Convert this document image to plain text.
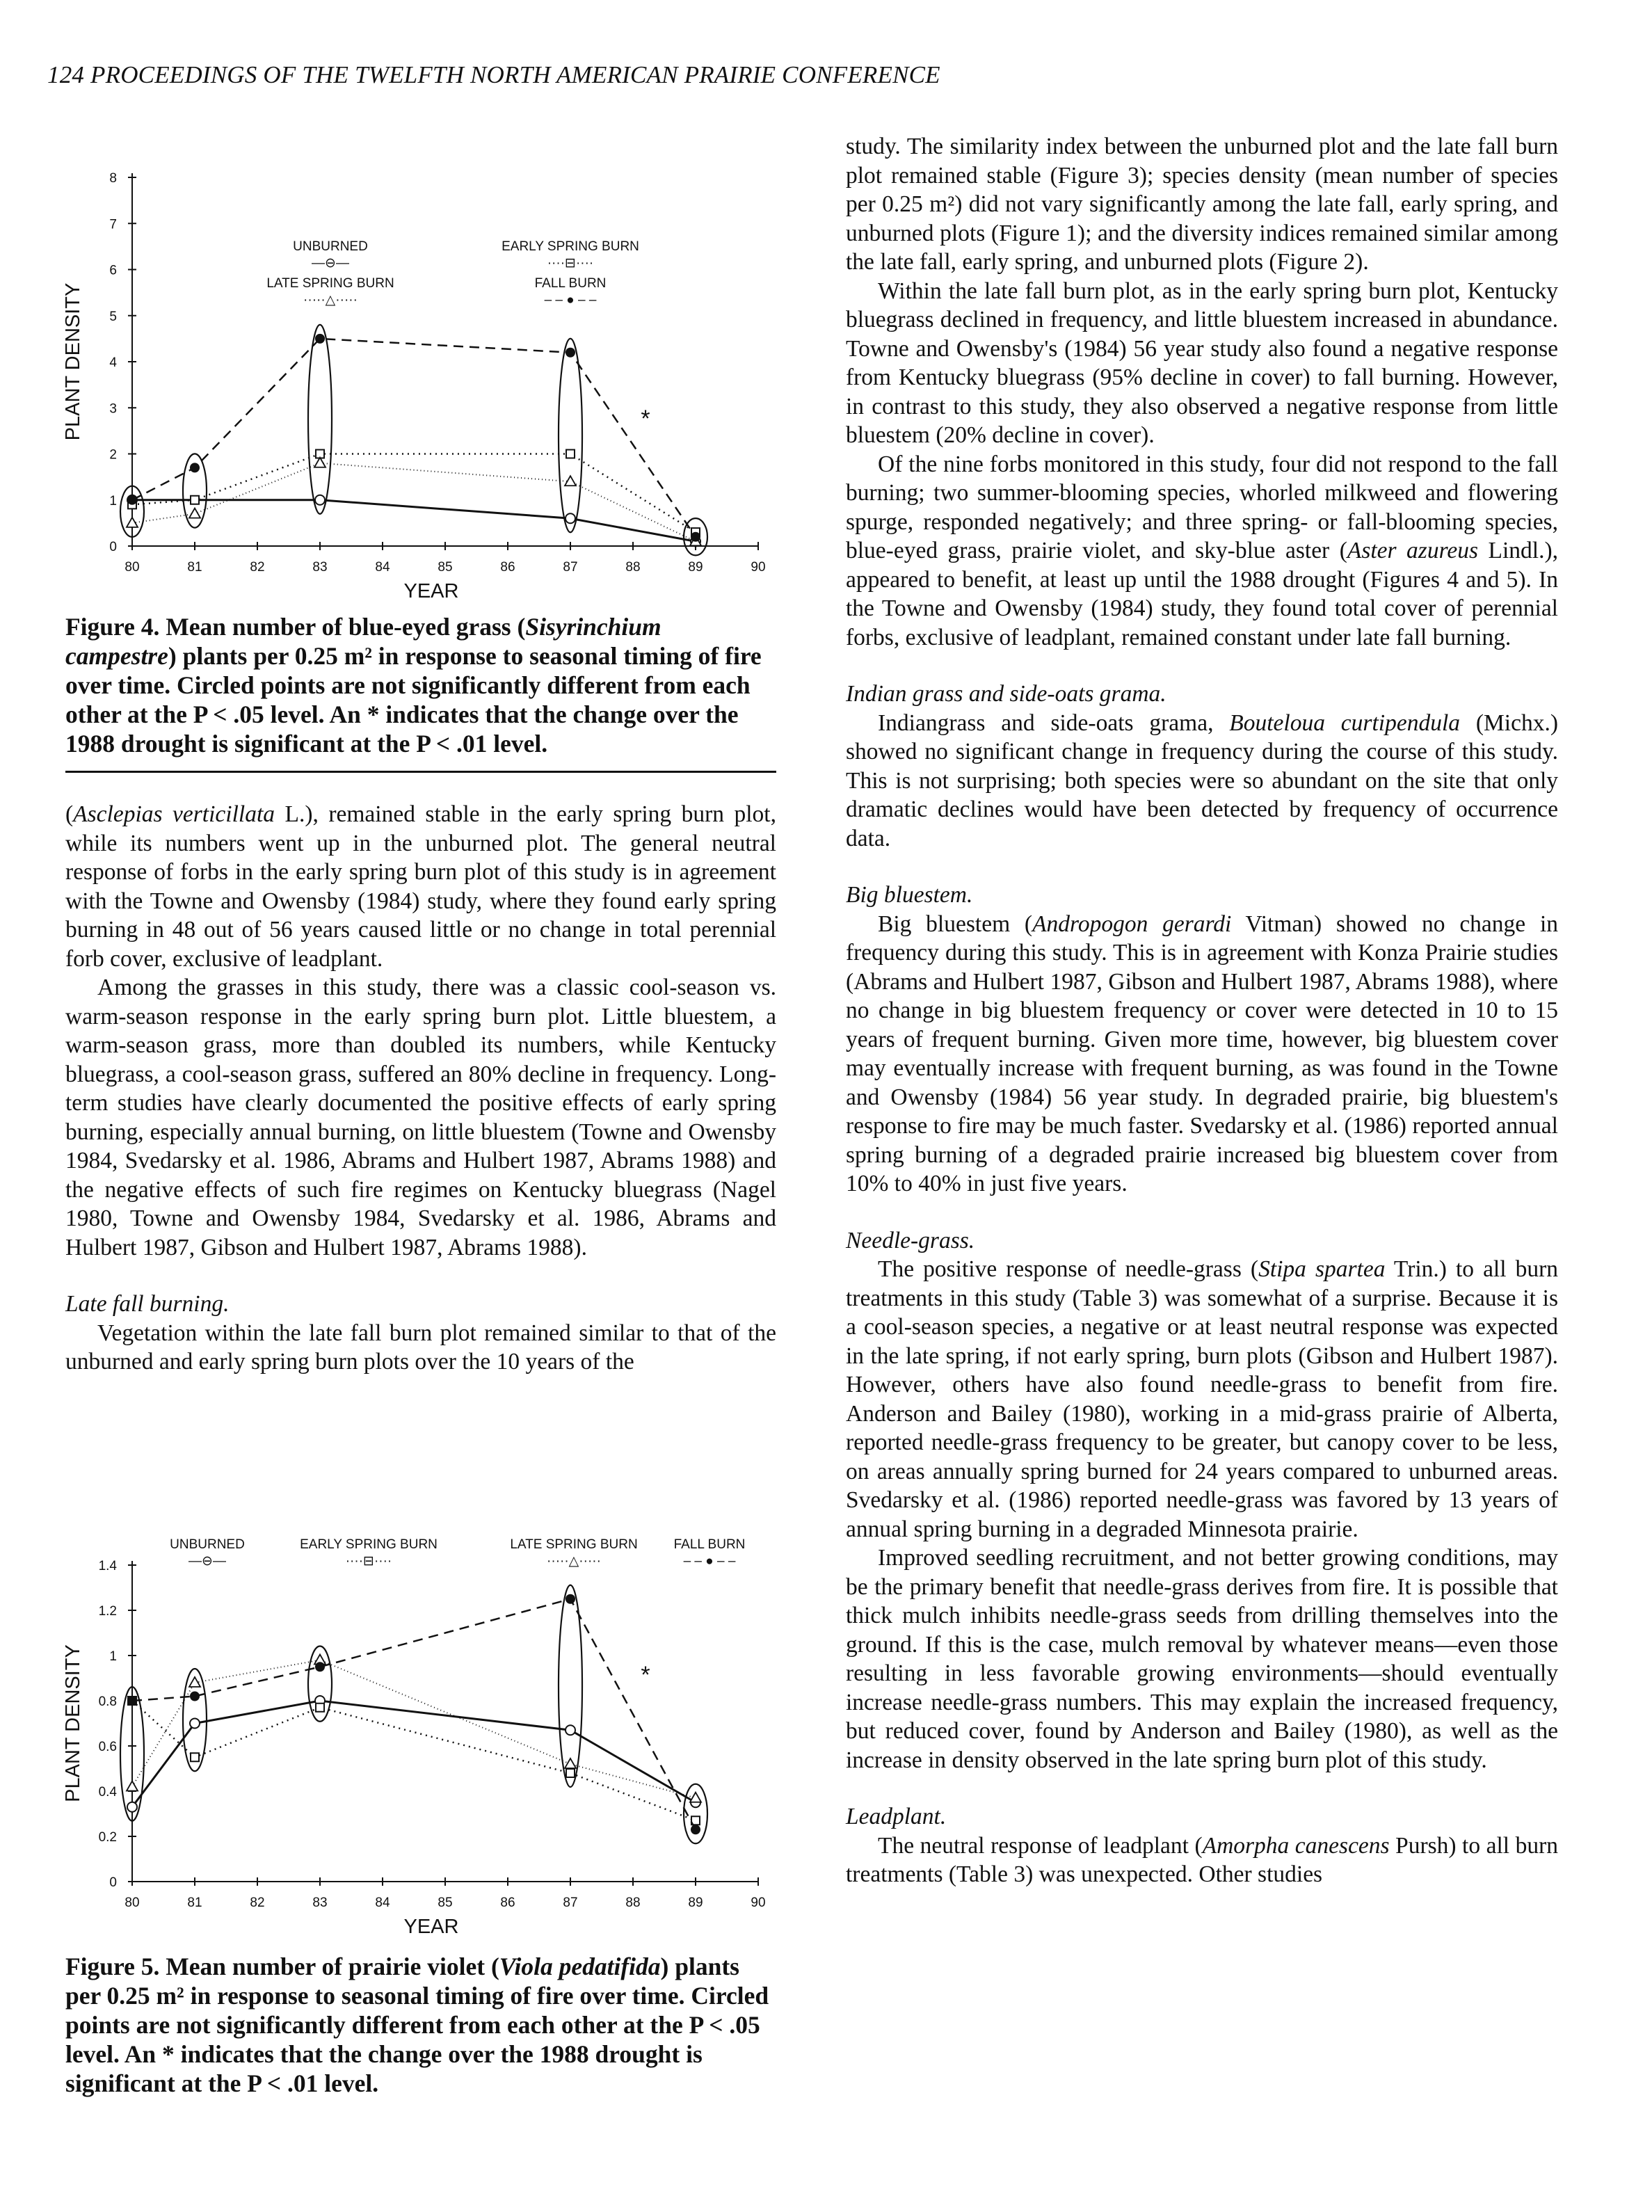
124 PROCEEDINGS OF THE TWELFTH NORTH AMERICAN PRAIRIE CONFERENCE
80	81	82	83	84	85	86	87	88	89	90
0
1
2
3
4
5
6
7
8
YEAR
PLANT DENSITY	*
UNBURNED
—⊖—
EARLY SPRING BURN
····⊟····
LATE SPRING BURN
·····△·····
FALL BURN
– – ● – –
Figure 4. Mean number of blue-eyed grass (Sisyrinchium campestre) plants per 0.25 m² in response to seasonal timing of fire over time. Circled points are not significantly different from each other at the P < .05 level. An * indicates that the change over the 1988 drought is significant at the P < .01 level.
80	81	82	83	84	85	86	87	88	89	90
0
0.2
0.4
0.6
0.8
1
1.2
1.4
YEAR
PLANT DENSITY	*
UNBURNED
—⊖—
EARLY SPRING BURN
····⊟····
LATE SPRING BURN
·····△·····
FALL BURN
– – ● – –
Figure 5. Mean number of prairie violet (Viola pedatifida) plants per 0.25 m² in response to seasonal timing of fire over time. Circled points are not significantly different from each other at the P < .05 level. An * indicates that the change over the 1988 drought is significant at the P < .01 level.

(Asclepias verticillata L.), remained stable in the early spring burn plot, while its numbers went up in the unburned plot. The general neutral response of forbs in the early spring burn plot of this study is in agreement with the Towne and Owensby (1984) study, where they found early spring burning in 48 out of 56 years caused little or no change in total perennial forb cover, exclusive of leadplant.

Among the grasses in this study, there was a classic cool-season vs. warm-season response in the early spring burn plot. Little bluestem, a warm-season grass, more than doubled its numbers, while Kentucky bluegrass, a cool-season grass, suffered an 80% decline in frequency. Long-term studies have clearly documented the positive effects of early spring burning, especially annual burning, on little bluestem (Towne and Owensby 1984, Svedarsky et al. 1986, Abrams and Hulbert 1987, Abrams 1988) and the negative effects of such fire regimes on Kentucky bluegrass (Nagel 1980, Towne and Owensby 1984, Svedarsky et al. 1986, Abrams and Hulbert 1987, Gibson and Hulbert 1987, Abrams 1988).

Late fall burning.

Vegetation within the late fall burn plot remained similar to that of the unburned and early spring burn plots over the 10 years of the

study. The similarity index between the unburned plot and the late fall burn plot remained stable (Figure 3); species density (mean number of species per 0.25 m²) did not vary significantly among the late fall, early spring, and unburned plots (Figure 1); and the diversity indices remained similar among the late fall, early spring, and unburned plots (Figure 2).

Within the late fall burn plot, as in the early spring burn plot, Kentucky bluegrass declined in frequency, and little bluestem increased in abundance. Towne and Owensby's (1984) 56 year study also found a negative response from Kentucky bluegrass (95% decline in cover) to fall burning. However, in contrast to this study, they also observed a negative response from little bluestem (20% decline in cover).

Of the nine forbs monitored in this study, four did not respond to the fall burning; two summer-blooming species, whorled milkweed and flowering spurge, responded negatively; and three spring- or fall-blooming species, blue-eyed grass, prairie violet, and sky-blue aster (Aster azureus Lindl.), appeared to benefit, at least up until the 1988 drought (Figures 4 and 5). In the Towne and Owensby (1984) study, they found total cover of perennial forbs, exclusive of leadplant, remained constant under late fall burning.

Indian grass and side-oats grama.

Indiangrass and side-oats grama, Bouteloua curtipendula (Michx.) showed no significant change in frequency during the course of this study. This is not surprising; both species were so abundant on the site that only dramatic declines would have been detected by frequency of occurrence data.

Big bluestem.

Big bluestem (Andropogon gerardi Vitman) showed no change in frequency during this study. This is in agreement with Konza Prairie studies (Abrams and Hulbert 1987, Gibson and Hulbert 1987, Abrams 1988), where no change in big bluestem frequency or cover were detected in 10 to 15 years of frequent burning. Given more time, however, big bluestem cover may eventually increase with frequent burning, as was found in the Towne and Owensby (1984) 56 year study. In degraded prairie, big bluestem's response to fire may be much faster. Svedarsky et al. (1986) reported annual spring burning of a degraded prairie increased big bluestem cover from 10% to 40% in just five years.

Needle-grass.

The positive response of needle-grass (Stipa spartea Trin.) to all burn treatments in this study (Table 3) was somewhat of a surprise. Because it is a cool-season species, a negative or at least neutral response was expected in the late spring, if not early spring, burn plots (Gibson and Hulbert 1987). However, others have also found needle-grass to benefit from fire. Anderson and Bailey (1980), working in a mid-grass prairie of Alberta, reported needle-grass frequency to be greater, but canopy cover to be less, on areas annually spring burned for 24 years compared to unburned areas. Svedarsky et al. (1986) reported needle-grass was favored by 13 years of annual spring burning in a degraded Minnesota prairie.

Improved seedling recruitment, and not better growing conditions, may be the primary benefit that needle-grass derives from fire. It is possible that thick mulch inhibits needle-grass seeds from drilling themselves into the ground. If this is the case, mulch removal by whatever means—even those resulting in less favorable growing environments—should eventually increase needle-grass numbers. This may explain the increased frequency, but reduced cover, found by Anderson and Bailey (1980), as well as the increase in density observed in the late spring burn plot of this study.

Leadplant.

The neutral response of leadplant (Amorpha canescens Pursh) to all burn treatments (Table 3) was unexpected. Other studies
